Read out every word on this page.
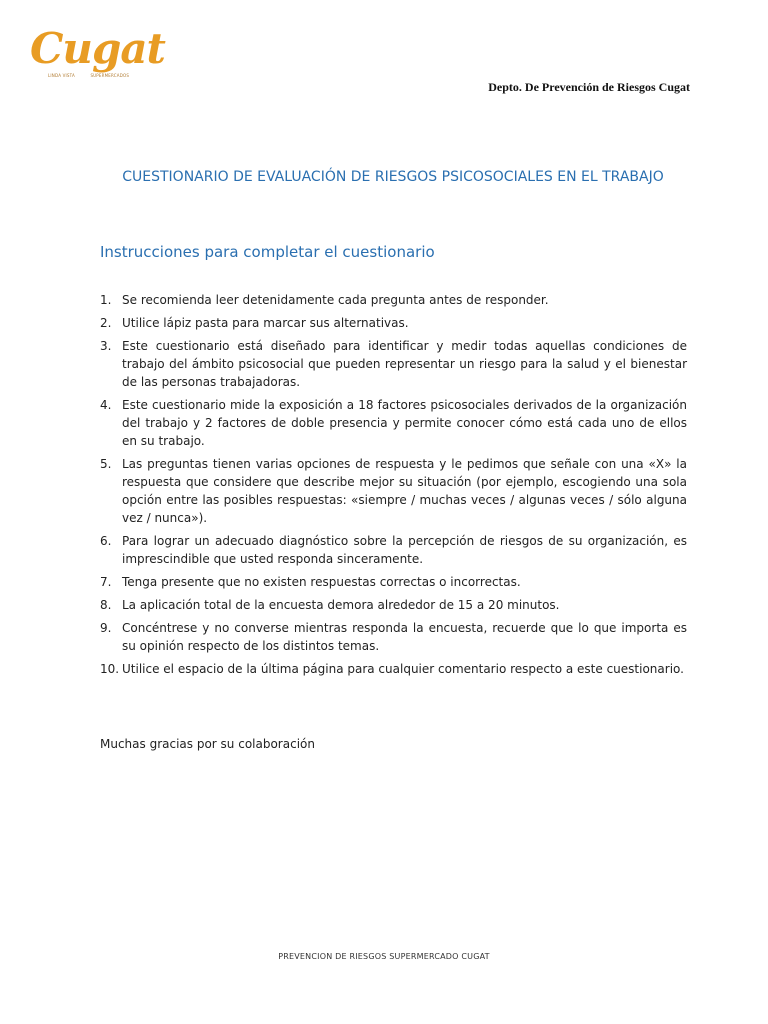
Cugat
LINDA VISTA	SUPERMERCADOS
Depto. De Prevención de Riesgos Cugat
CUESTIONARIO DE EVALUACIÓN DE RIESGOS PSICOSOCIALES EN EL TRABAJO
Instrucciones para completar el cuestionario
1. Se recomienda leer detenidamente cada pregunta antes de responder.
2. Utilice lápiz pasta para marcar sus alternativas.
3. Este cuestionario está diseñado para identificar y medir todas aquellas condiciones de trabajo del ámbito psicosocial que pueden representar un riesgo para la salud y el bienestar de las personas trabajadoras.
4. Este cuestionario mide la exposición a 18 factores psicosociales derivados de la organización del trabajo y 2 factores de doble presencia y permite conocer cómo está cada uno de ellos en su trabajo.
5. Las preguntas tienen varias opciones de respuesta y le pedimos que señale con una «X» la respuesta que considere que describe mejor su situación (por ejemplo, escogiendo una sola opción entre las posibles respuestas: «siempre / muchas veces / algunas veces / sólo alguna vez / nunca»).
6. Para lograr un adecuado diagnóstico sobre la percepción de riesgos de su organización, es imprescindible que usted responda sinceramente.
7. Tenga presente que no existen respuestas correctas o incorrectas.
8. La aplicación total de la encuesta demora alrededor de 15 a 20 minutos.
9. Concéntrese y no converse mientras responda la encuesta, recuerde que lo que importa es su opinión respecto de los distintos temas.
10. Utilice el espacio de la última página para cualquier comentario respecto a este cuestionario.
Muchas gracias por su colaboración
PREVENCION DE RIESGOS SUPERMERCADO CUGAT
